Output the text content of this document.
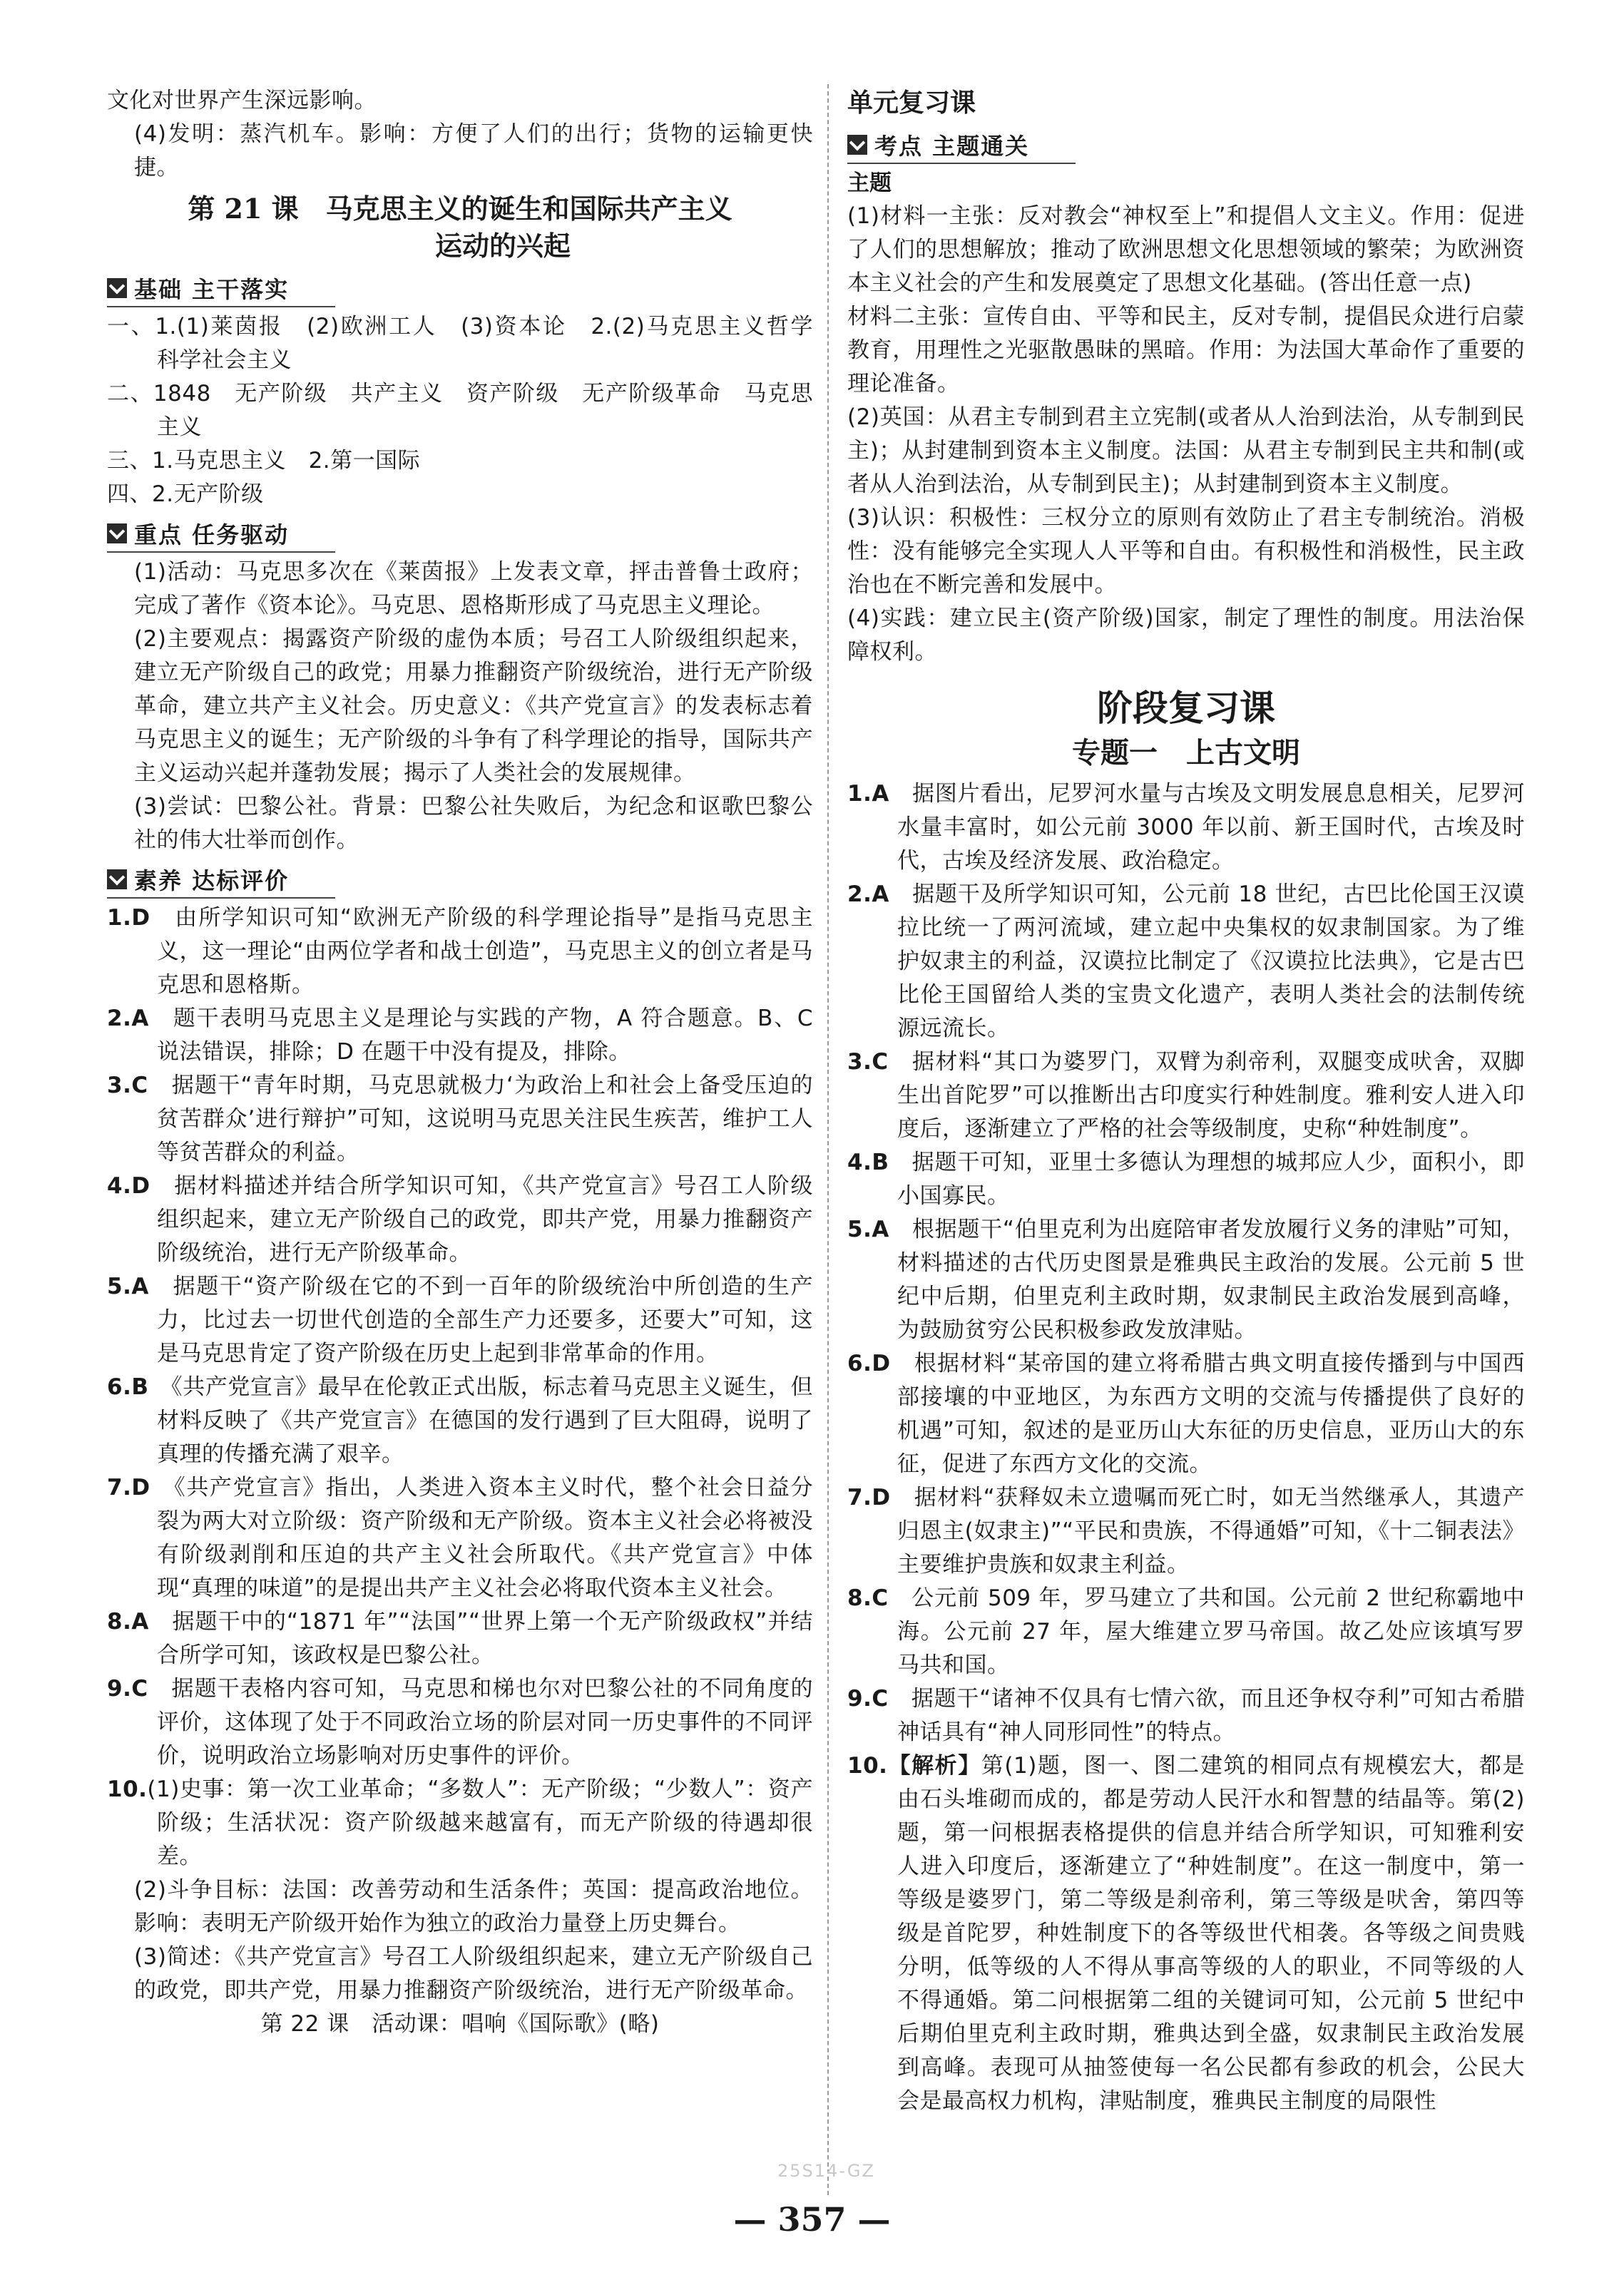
文化对世界产生深远影响。

(4)发明：蒸汽机车。影响：方便了人们的出行；货物的运输更快捷。

第 21 课　马克思主义的诞生和国际共产主义
运动的兴起
基础 主干落实

一、1.(1)莱茵报　(2)欧洲工人　(3)资本论　2.(2)马克思主义哲学　科学社会主义

二、1848　无产阶级　共产主义　资产阶级　无产阶级革命　马克思主义

三、1.马克思主义　2.第一国际

四、2.无产阶级

重点 任务驱动

(1)活动：马克思多次在《莱茵报》上发表文章，抨击普鲁士政府；完成了著作《资本论》。马克思、恩格斯形成了马克思主义理论。

(2)主要观点：揭露资产阶级的虚伪本质；号召工人阶级组织起来，建立无产阶级自己的政党；用暴力推翻资产阶级统治，进行无产阶级革命，建立共产主义社会。历史意义：《共产党宣言》的发表标志着马克思主义的诞生；无产阶级的斗争有了科学理论的指导，国际共产主义运动兴起并蓬勃发展；揭示了人类社会的发展规律。

(3)尝试：巴黎公社。背景：巴黎公社失败后，为纪念和讴歌巴黎公社的伟大壮举而创作。

素养 达标评价

1.D　 由所学知识可知“欧洲无产阶级的科学理论指导”是指马克思主义，这一理论“由两位学者和战士创造”，马克思主义的创立者是马克思和恩格斯。

2.A　 题干表明马克思主义是理论与实践的产物，A 符合题意。B、C 说法错误，排除；D 在题干中没有提及，排除。

3.C　 据题干“青年时期，马克思就极力‘为政治上和社会上备受压迫的贫苦群众’进行辩护”可知，这说明马克思关注民生疾苦，维护工人等贫苦群众的利益。

4.D　 据材料描述并结合所学知识可知，《共产党宣言》号召工人阶级组织起来，建立无产阶级自己的政党，即共产党，用暴力推翻资产阶级统治，进行无产阶级革命。

5.A　 据题干“资产阶级在它的不到一百年的阶级统治中所创造的生产力，比过去一切世代创造的全部生产力还要多，还要大”可知，这是马克思肯定了资产阶级在历史上起到非常革命的作用。

6.B　 《共产党宣言》最早在伦敦正式出版，标志着马克思主义诞生，但材料反映了《共产党宣言》在德国的发行遇到了巨大阻碍，说明了真理的传播充满了艰辛。

7.D　 《共产党宣言》指出，人类进入资本主义时代，整个社会日益分裂为两大对立阶级：资产阶级和无产阶级。资本主义社会必将被没有阶级剥削和压迫的共产主义社会所取代。《共产党宣言》中体现“真理的味道”的是提出共产主义社会必将取代资本主义社会。

8.A　 据题干中的“1871 年”“法国”“世界上第一个无产阶级政权”并结合所学可知，该政权是巴黎公社。

9.C　 据题干表格内容可知，马克思和梯也尔对巴黎公社的不同角度的评价，这体现了处于不同政治立场的阶层对同一历史事件的不同评价，说明政治立场影响对历史事件的评价。

10.(1)史事：第一次工业革命；“多数人”：无产阶级；“少数人”：资产阶级；生活状况：资产阶级越来越富有，而无产阶级的待遇却很差。

(2)斗争目标：法国：改善劳动和生活条件；英国：提高政治地位。影响：表明无产阶级开始作为独立的政治力量登上历史舞台。

(3)简述：《共产党宣言》号召工人阶级组织起来，建立无产阶级自己的政党，即共产党，用暴力推翻资产阶级统治，进行无产阶级革命。

第 22 课　活动课：唱响《国际歌》(略)

单元复习课
考点 主题通关
主题

(1)材料一主张：反对教会“神权至上”和提倡人文主义。作用：促进了人们的思想解放；推动了欧洲思想文化思想领域的繁荣；为欧洲资本主义社会的产生和发展奠定了思想文化基础。(答出任意一点)

材料二主张：宣传自由、平等和民主，反对专制，提倡民众进行启蒙教育，用理性之光驱散愚昧的黑暗。作用：为法国大革命作了重要的理论准备。

(2)英国：从君主专制到君主立宪制(或者从人治到法治，从专制到民主)；从封建制到资本主义制度。法国：从君主专制到民主共和制(或者从人治到法治，从专制到民主)；从封建制到资本主义制度。

(3)认识：积极性：三权分立的原则有效防止了君主专制统治。消极性：没有能够完全实现人人平等和自由。有积极性和消极性，民主政治也在不断完善和发展中。

(4)实践：建立民主(资产阶级)国家，制定了理性的制度。用法治保障权利。

阶段复习课
专题一　上古文明

1.A　 据图片看出，尼罗河水量与古埃及文明发展息息相关，尼罗河水量丰富时，如公元前 3000 年以前、新王国时代，古埃及时代，古埃及经济发展、政治稳定。

2.A　 据题干及所学知识可知，公元前 18 世纪，古巴比伦国王汉谟拉比统一了两河流域，建立起中央集权的奴隶制国家。为了维护奴隶主的利益，汉谟拉比制定了《汉谟拉比法典》，它是古巴比伦王国留给人类的宝贵文化遗产，表明人类社会的法制传统源远流长。

3.C　 据材料“其口为婆罗门，双臂为刹帝利，双腿变成吠舍，双脚生出首陀罗”可以推断出古印度实行种姓制度。雅利安人进入印度后，逐渐建立了严格的社会等级制度，史称“种姓制度”。

4.B　 据题干可知，亚里士多德认为理想的城邦应人少，面积小，即小国寡民。

5.A　 根据题干“伯里克利为出庭陪审者发放履行义务的津贴”可知，材料描述的古代历史图景是雅典民主政治的发展。公元前 5 世纪中后期，伯里克利主政时期，奴隶制民主政治发展到高峰，为鼓励贫穷公民积极参政发放津贴。

6.D　 根据材料“某帝国的建立将希腊古典文明直接传播到与中国西部接壤的中亚地区，为东西方文明的交流与传播提供了良好的机遇”可知，叙述的是亚历山大东征的历史信息，亚历山大的东征，促进了东西方文化的交流。

7.D　 据材料“获释奴未立遗嘱而死亡时，如无当然继承人，其遗产归恩主(奴隶主)”“平民和贵族，不得通婚”可知，《十二铜表法》主要维护贵族和奴隶主利益。

8.C　 公元前 509 年，罗马建立了共和国。公元前 2 世纪称霸地中海。公元前 27 年，屋大维建立罗马帝国。故乙处应该填写罗马共和国。

9.C　 据题干“诸神不仅具有七情六欲，而且还争权夺利”可知古希腊神话具有“神人同形同性”的特点。

10.【解析】第(1)题，图一、图二建筑的相同点有规模宏大，都是由石头堆砌而成的，都是劳动人民汗水和智慧的结晶等。第(2)题，第一问根据表格提供的信息并结合所学知识，可知雅利安人进入印度后，逐渐建立了“种姓制度”。在这一制度中，第一等级是婆罗门，第二等级是刹帝利，第三等级是吠舍，第四等级是首陀罗，种姓制度下的各等级世代相袭。各等级之间贵贱分明，低等级的人不得从事高等级的人的职业，不同等级的人不得通婚。第二问根据第二组的关键词可知，公元前 5 世纪中后期伯里克利主政时期，雅典达到全盛，奴隶制民主政治发展到高峰。表现可从抽签使每一名公民都有参政的机会，公民大会是最高权力机构，津贴制度，雅典民主制度的局限性

25S14-GZ
— 357 —
